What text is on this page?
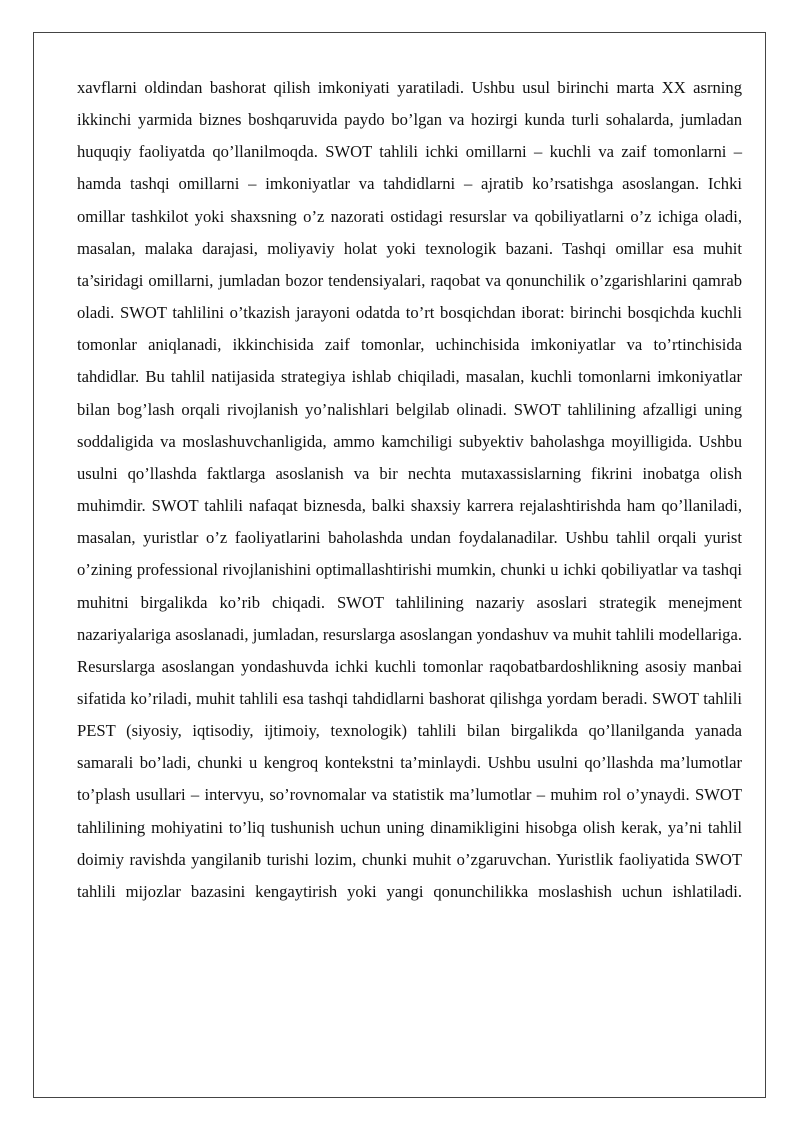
xavflarni oldindan bashorat qilish imkoniyati yaratiladi. Ushbu usul birinchi marta XX asrning ikkinchi yarmida biznes boshqaruvida paydo bo’lgan va hozirgi kunda turli sohalarda, jumladan huquqiy faoliyatda qo’llanilmoqda. SWOT tahlili ichki omillarni – kuchli va zaif tomonlarni – hamda tashqi omillarni – imkoniyatlar va tahdidlarni – ajratib ko’rsatishga asoslangan. Ichki omillar tashkilot yoki shaxsning o’z nazorati ostidagi resurslar va qobiliyatlarni o’z ichiga oladi, masalan, malaka darajasi, moliyaviy holat yoki texnologik bazani. Tashqi omillar esa muhit ta’siridagi omillarni, jumladan bozor tendensiyalari, raqobat va qonunchilik o’zgarishlarini qamrab oladi. SWOT tahlilini o’tkazish jarayoni odatda to’rt bosqichdan iborat: birinchi bosqichda kuchli tomonlar aniqlanadi, ikkinchisida zaif tomonlar, uchinchisida imkoniyatlar va to’rtinchisida tahdidlar. Bu tahlil natijasida strategiya ishlab chiqiladi, masalan, kuchli tomonlarni imkoniyatlar bilan bog’lash orqali rivojlanish yo’nalishlari belgilab olinadi. SWOT tahlilining afzalligi uning soddaligida va moslashuvchanligida, ammo kamchiligi subyektiv baholashga moyilligida. Ushbu usulni qo’llashda faktlarga asoslanish va bir nechta mutaxassislarning fikrini inobatga olish muhimdir. SWOT tahlili nafaqat biznesda, balki shaxsiy karrera rejalashtirishda ham qo’llaniladi, masalan, yuristlar o’z faoliyatlarini baholashda undan foydalanadilar. Ushbu tahlil orqali yurist o’zining professional rivojlanishini optimallashtirishi mumkin, chunki u ichki qobiliyatlar va tashqi muhitni birgalikda ko’rib chiqadi. SWOT tahlilining nazariy asoslari strategik menejment nazariyalariga asoslanadi, jumladan, resurslarga asoslangan yondashuv va muhit tahlili modellariga. Resurslarga asoslangan yondashuvda ichki kuchli tomonlar raqobatbardoshlikning asosiy manbai sifatida ko’riladi, muhit tahlili esa tashqi tahdidlarni bashorat qilishga yordam beradi. SWOT tahlili PEST (siyosiy, iqtisodiy, ijtimoiy, texnologik) tahlili bilan birgalikda qo’llanilganda yanada samarali bo’ladi, chunki u kengroq kontekstni ta’minlaydi. Ushbu usulni qo’llashda ma’lumotlar to’plash usullari – intervyu, so’rovnomalar va statistik ma’lumotlar – muhim rol o’ynaydi. SWOT tahlilining mohiyatini to’liq tushunish uchun uning dinamikligini hisobga olish kerak, ya’ni tahlil doimiy ravishda yangilanib turishi lozim, chunki muhit o’zgaruvchan. Yuristlik faoliyatida SWOT tahlili mijozlar bazasini kengaytirish yoki yangi qonunchilikka moslashish uchun ishlatiladi.
